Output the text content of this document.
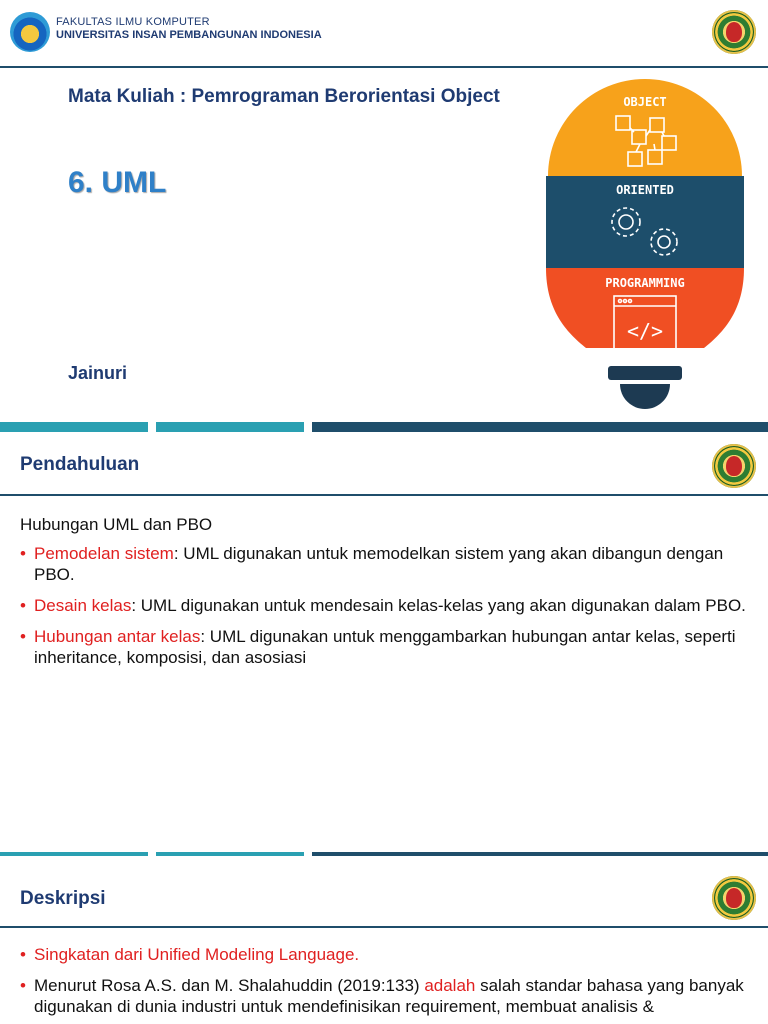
FAKULTAS ILMU KOMPUTER
UNIVERSITAS INSAN PEMBANGUNAN INDONESIA
Mata Kuliah : Pemrograman Berorientasi Object
6. UML
Jainuri
OBJECT
ORIENTED
PROGRAMMING
</>
Pendahuluan
Hubungan UML dan PBO
• Pemodelan sistem: UML digunakan untuk memodelkan sistem yang akan dibangun dengan PBO.
• Desain kelas: UML digunakan untuk mendesain kelas-kelas yang akan digunakan dalam PBO.
• Hubungan antar kelas: UML digunakan untuk menggambarkan hubungan antar kelas, seperti inheritance, komposisi, dan asosiasi
Deskripsi
• Singkatan dari Unified Modeling Language.
• Menurut Rosa A.S. dan M. Shalahuddin (2019:133) adalah salah standar bahasa yang banyak digunakan di dunia industri untuk mendefinisikan requirement, membuat analisis &
